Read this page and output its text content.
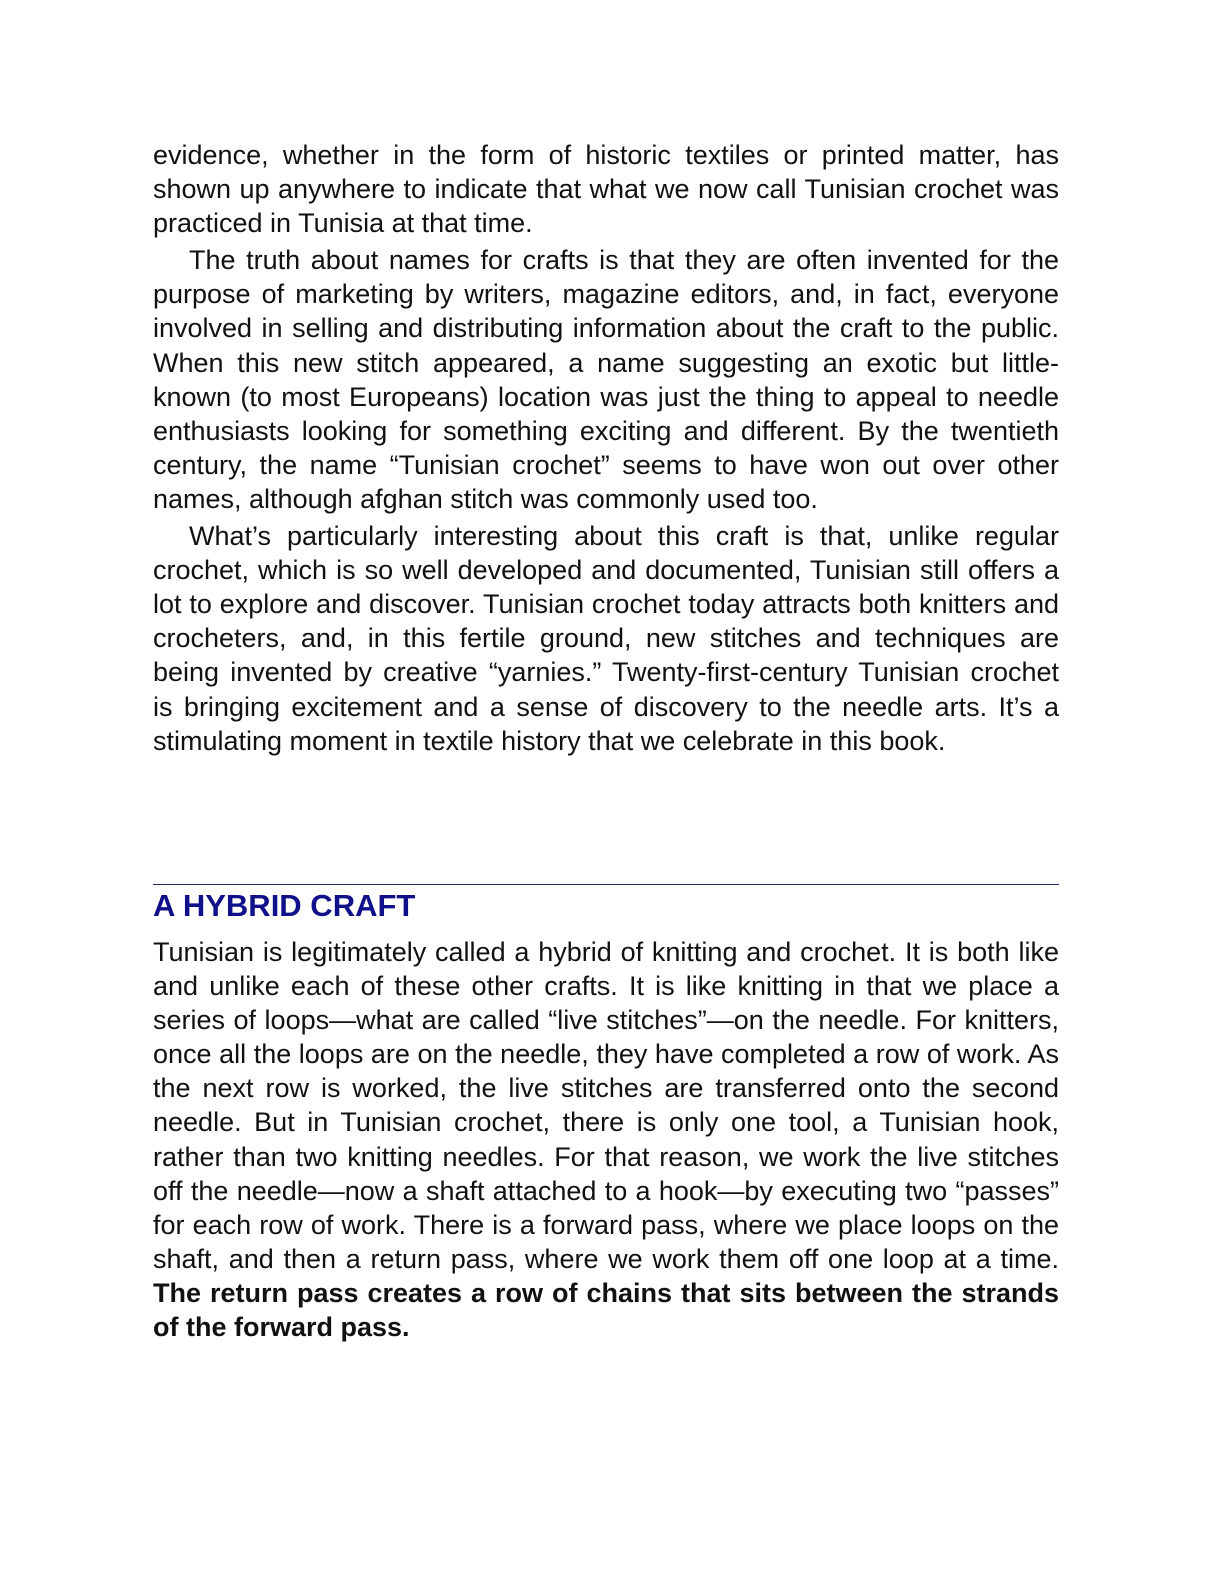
evidence, whether in the form of historic textiles or printed matter, has shown up anywhere to indicate that what we now call Tunisian crochet was practiced in Tunisia at that time.

The truth about names for crafts is that they are often invented for the purpose of marketing by writers, magazine editors, and, in fact, everyone involved in selling and distributing information about the craft to the public. When this new stitch appeared, a name suggesting an exotic but little-known (to most Europeans) location was just the thing to appeal to needle enthusiasts looking for something exciting and different. By the twentieth century, the name “Tunisian crochet” seems to have won out over other names, although afghan stitch was commonly used too.

What’s particularly interesting about this craft is that, unlike regular crochet, which is so well developed and documented, Tunisian still offers a lot to explore and discover. Tunisian crochet today attracts both knitters and crocheters, and, in this fertile ground, new stitches and techniques are being invented by creative “yarnies.” Twenty-first-century Tunisian crochet is bringing excitement and a sense of discovery to the needle arts. It’s a stimulating moment in textile history that we celebrate in this book.

A HYBRID CRAFT

Tunisian is legitimately called a hybrid of knitting and crochet. It is both like and unlike each of these other crafts. It is like knitting in that we place a series of loops—what are called “live stitches”—on the needle. For knitters, once all the loops are on the needle, they have completed a row of work. As the next row is worked, the live stitches are transferred onto the second needle. But in Tunisian crochet, there is only one tool, a Tunisian hook, rather than two knitting needles. For that reason, we work the live stitches off the needle—now a shaft attached to a hook—by executing two “passes” for each row of work. There is a forward pass, where we place loops on the shaft, and then a return pass, where we work them off one loop at a time. The return pass creates a row of chains that sits between the strands of the forward pass.
